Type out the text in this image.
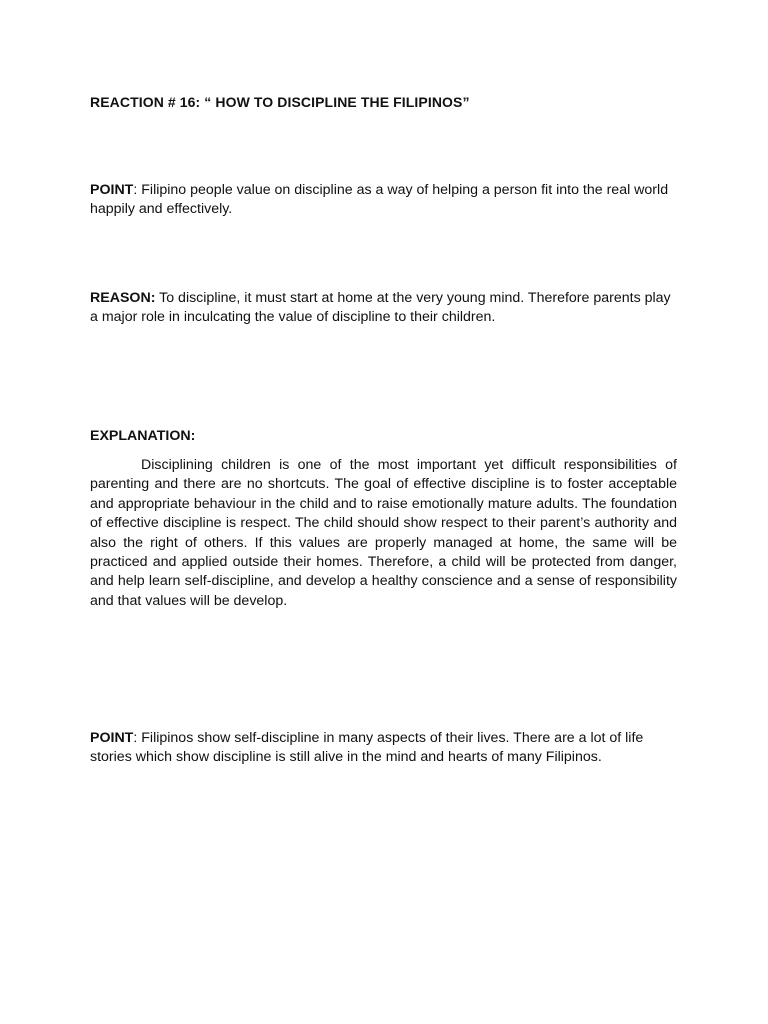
REACTION # 16: “ HOW TO DISCIPLINE THE FILIPINOS”
POINT: Filipino people value on discipline as a way of helping a person fit into the real world happily and effectively.
REASON: To discipline, it must start at home at the very young mind. Therefore parents play a major role in inculcating the value of discipline to their children.
EXPLANATION:
Disciplining children is one of the most important yet difficult responsibilities of parenting and there are no shortcuts. The goal of effective discipline is to foster acceptable and appropriate behaviour in the child and to raise emotionally mature adults. The foundation of effective discipline is respect. The child should show respect to their parent’s authority and also the right of others. If this values are properly managed at home, the same will be practiced and applied outside their homes. Therefore, a child will be protected from danger, and help learn self-discipline, and develop a healthy conscience and a sense of responsibility and that values will be develop.
POINT: Filipinos show self-discipline in many aspects of their lives. There are a lot of life stories which show discipline is still alive in the mind and hearts of many Filipinos.
